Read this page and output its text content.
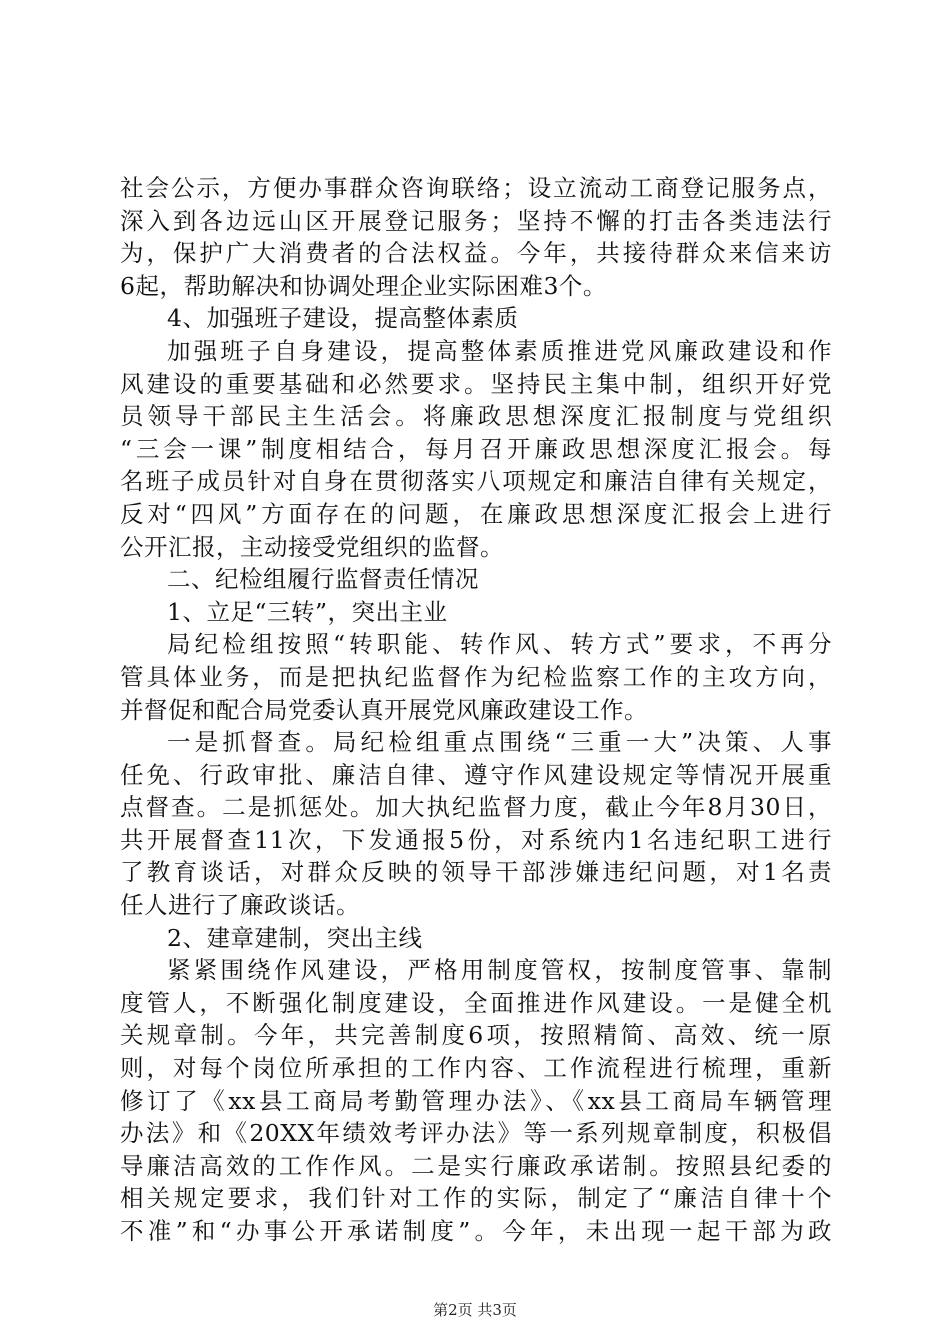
社会公示，方便办事群众咨询联络；设立流动工商登记服务点，
深入到各边远山区开展登记服务；坚持不懈的打击各类违法行
为，保护广大消费者的合法权益。今年，共接待群众来信来访
6起，帮助解决和协调处理企业实际困难3个。
4、加强班子建设，提高整体素质
加强班子自身建设，提高整体素质推进党风廉政建设和作
风建设的重要基础和必然要求。坚持民主集中制，组织开好党
员领导干部民主生活会。将廉政思想深度汇报制度与党组织
“三会一课”制度相结合，每月召开廉政思想深度汇报会。每
名班子成员针对自身在贯彻落实八项规定和廉洁自律有关规定，
反对“四风”方面存在的问题，在廉政思想深度汇报会上进行
公开汇报，主动接受党组织的监督。
二、纪检组履行监督责任情况
1、立足“三转”，突出主业
局纪检组按照“转职能、转作风、转方式”要求，不再分
管具体业务，而是把执纪监督作为纪检监察工作的主攻方向，
并督促和配合局党委认真开展党风廉政建设工作。
一是抓督查。局纪检组重点围绕“三重一大”决策、人事
任免、行政审批、廉洁自律、遵守作风建设规定等情况开展重
点督查。二是抓惩处。加大执纪监督力度，截止今年8月30日，
共开展督查11次，下发通报5份，对系统内1名违纪职工进行
了教育谈话，对群众反映的领导干部涉嫌违纪问题，对1名责
任人进行了廉政谈话。
2、建章建制，突出主线
紧紧围绕作风建设，严格用制度管权，按制度管事、靠制
度管人，不断强化制度建设，全面推进作风建设。一是健全机
关规章制。今年，共完善制度6项，按照精简、高效、统一原
则，对每个岗位所承担的工作内容、工作流程进行梳理，重新
修订了《xx县工商局考勤管理办法》、《xx县工商局车辆管理
办法》和《20XX年绩效考评办法》等一系列规章制度，积极倡
导廉洁高效的工作作风。二是实行廉政承诺制。按照县纪委的
相关规定要求，我们针对工作的实际，制定了“廉洁自律十个
不准”和“办事公开承诺制度”。今年，未出现一起干部为政
第2页 共3页
